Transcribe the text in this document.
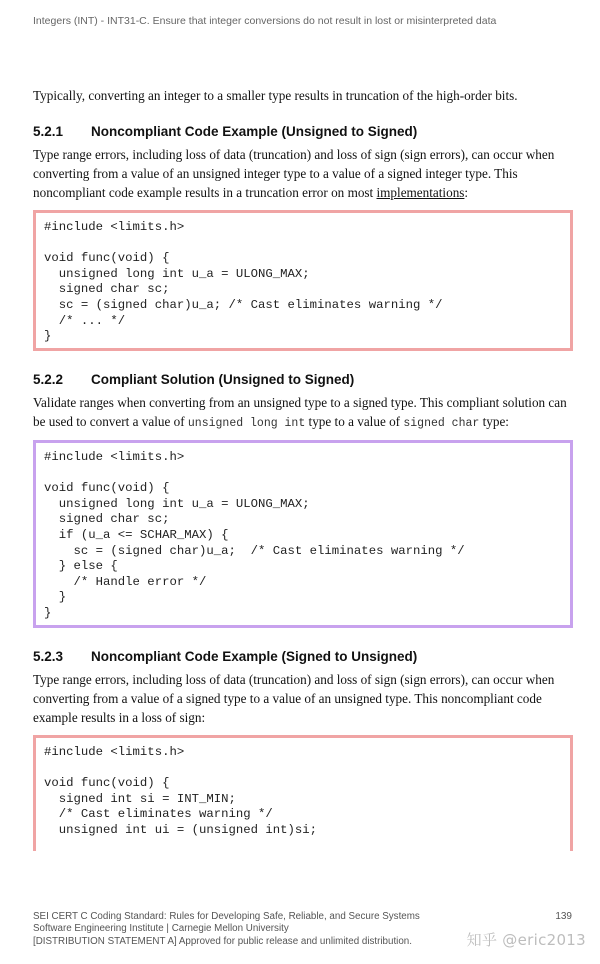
Integers (INT) - INT31-C. Ensure that integer conversions do not result in lost or misinterpreted data

Typically, converting an integer to a smaller type results in truncation of the high-order bits.

5.2.1 Noncompliant Code Example (Unsigned to Signed)

Type range errors, including loss of data (truncation) and loss of sign (sign errors), can occur when converting from a value of an unsigned integer type to a value of a signed integer type. This noncompliant code example results in a truncation error on most implementations:

#include <limits.h>
void func(void) {
unsigned long int u_a = ULONG_MAX;
signed char sc;
sc = (signed char)u_a; /* Cast eliminates warning */
/* ... */
}
5.2.2 Compliant Solution (Unsigned to Signed)

Validate ranges when converting from an unsigned type to a signed type. This compliant solution can be used to convert a value of unsigned long int type to a value of signed char type:

#include <limits.h>
void func(void) {
unsigned long int u_a = ULONG_MAX;
signed char sc;
if (u_a <= SCHAR_MAX) {
sc = (signed char)u_a;  /* Cast eliminates warning */
} else {
/* Handle error */
}
}
5.2.3 Noncompliant Code Example (Signed to Unsigned)

Type range errors, including loss of data (truncation) and loss of sign (sign errors), can occur when converting from a value of a signed type to a value of an unsigned type. This noncompliant code example results in a loss of sign:

#include <limits.h>
void func(void) {
signed int si = INT_MIN;
/* Cast eliminates warning */
unsigned int ui = (unsigned int)si;
SEI CERT C Coding Standard: Rules for Developing Safe, Reliable, and Secure Systems
Software Engineering Institute | Carnegie Mellon University
[DISTRIBUTION STATEMENT A] Approved for public release and unlimited distribution.
139
知乎 @eric2013
